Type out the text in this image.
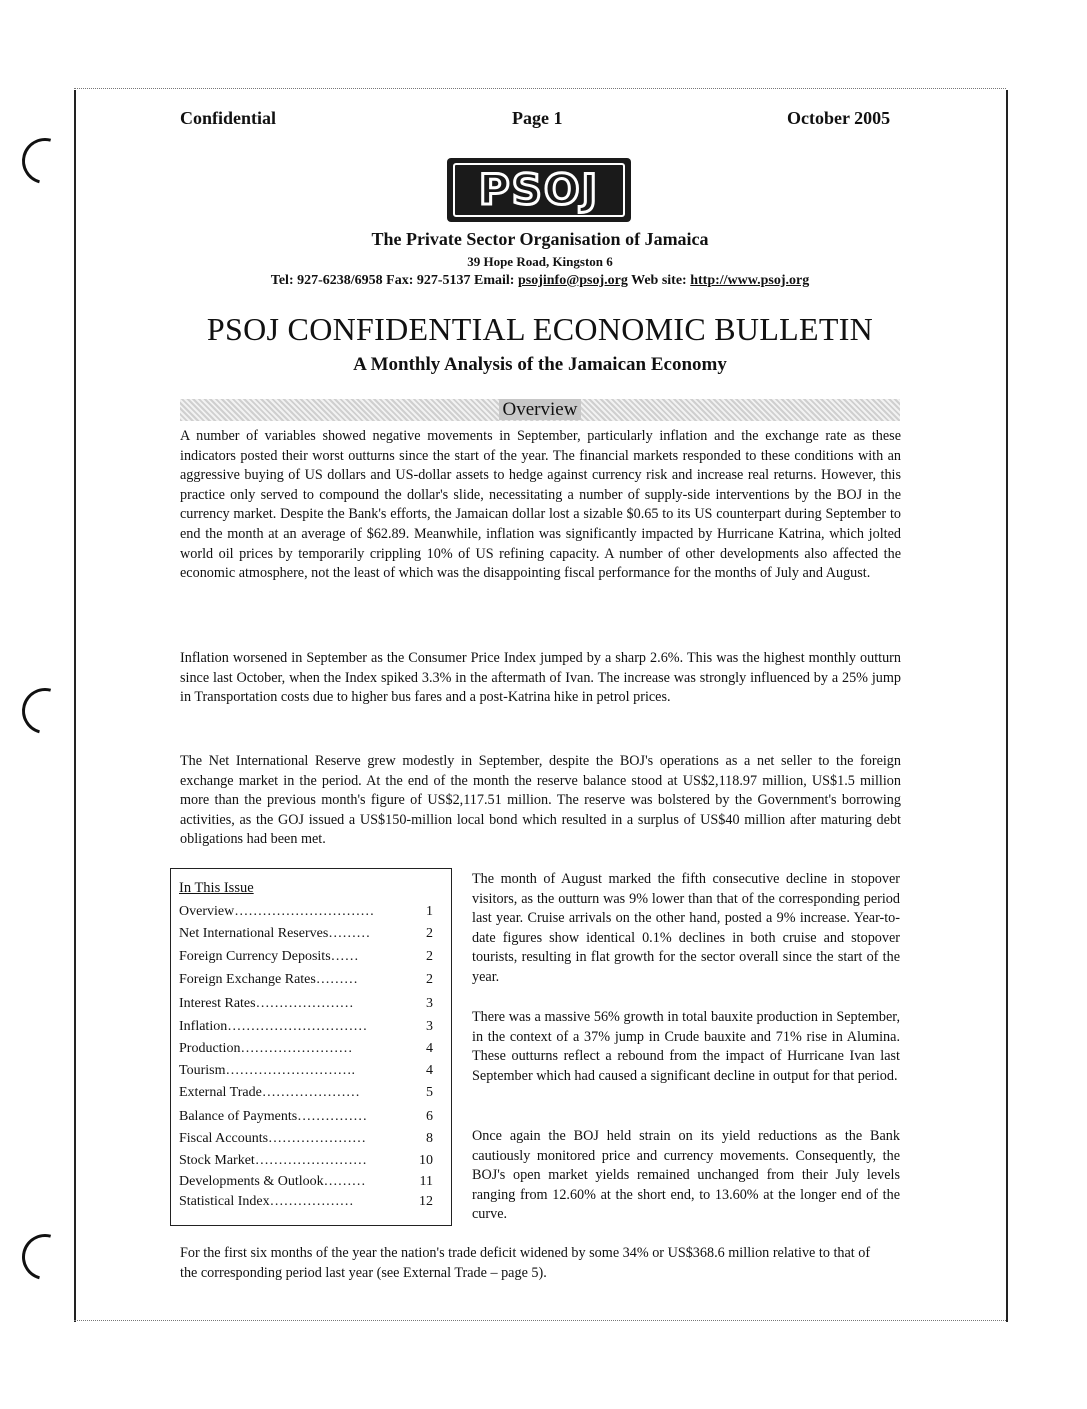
Confidential	Page 1	October 2005
PSOJ
The Private Sector Organisation of Jamaica
39 Hope Road, Kingston 6
Tel: 927-6238/6958 Fax: 927-5137 Email: psojinfo@psoj.org Web site: http://www.psoj.org
PSOJ CONFIDENTIAL ECONOMIC BULLETIN
A Monthly Analysis of the Jamaican Economy
Overview

A number of variables showed negative movements in September, particularly inflation and the exchange rate as these indicators posted their worst outturns since the start of the year. The financial markets responded to these conditions with an aggressive buying of US dollars and US-dollar assets to hedge against currency risk and increase real returns. However, this practice only served to compound the dollar's slide, necessitating a number of supply-side interventions by the BOJ in the currency market. Despite the Bank's efforts, the Jamaican dollar lost a sizable $0.65 to its US counterpart during September to end the month at an average of $62.89. Meanwhile, inflation was significantly impacted by Hurricane Katrina, which jolted world oil prices by temporarily crippling 10% of US refining capacity. A number of other developments also affected the economic atmosphere, not the least of which was the disappointing fiscal performance for the months of July and August.

Inflation worsened in September as the Consumer Price Index jumped by a sharp 2.6%. This was the highest monthly outturn since last October, when the Index spiked 3.3% in the aftermath of Ivan. The increase was strongly influenced by a 25% jump in Transportation costs due to higher bus fares and a post-Katrina hike in petrol prices.

The Net International Reserve grew modestly in September, despite the BOJ's operations as a net seller to the foreign exchange market in the period. At the end of the month the reserve balance stood at US$2,118.97 million, US$1.5 million more than the previous month's figure of US$2,117.51 million. The reserve was bolstered by the Government's borrowing activities, as the GOJ issued a US$150-million local bond which resulted in a surplus of US$40 million after maturing debt obligations had been met.

In This Issue
Overview…………………………	1
Net International Reserves………	2
Foreign Currency Deposits……	2
Foreign Exchange Rates………	2
Interest Rates…………………	3
Inflation…………………………	3
Production……………………	4
Tourism……………………….	4
External Trade…………………	5
Balance of Payments……………	6
Fiscal Accounts…………………	8
Stock Market……………………	10
Developments & Outlook………	11
Statistical Index………………	12

The month of August marked the fifth consecutive decline in stopover visitors, as the outturn was 9% lower than that of the corresponding period last year. Cruise arrivals on the other hand, posted a 9% increase. Year-to-date figures show identical 0.1% declines in both cruise and stopover tourists, resulting in flat growth for the sector overall since the start of the year.

There was a massive 56% growth in total bauxite production in September, in the context of a 37% jump in Crude bauxite and 71% rise in Alumina. These outturns reflect a rebound from the impact of Hurricane Ivan last September which had caused a significant decline in output for that period.

Once again the BOJ held strain on its yield reductions as the Bank cautiously monitored price and currency movements. Consequently, the BOJ's open market yields remained unchanged from their July levels ranging from 12.60% at the short end, to 13.60% at the longer end of the curve.

For the first six months of the year the nation's trade deficit widened by some 34% or US$368.6 million relative to that of the corresponding period last year (see External Trade – page 5).
